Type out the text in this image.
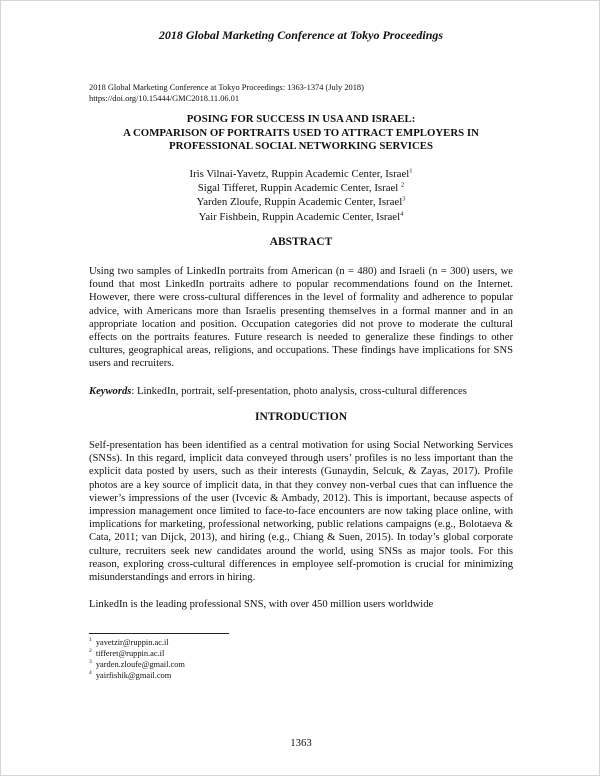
2018 Global Marketing Conference at Tokyo Proceedings
2018 Global Marketing Conference at Tokyo Proceedings: 1363-1374 (July 2018)
https://doi.org/10.15444/GMC2018.11.06.01
POSING FOR SUCCESS IN USA AND ISRAEL:
A COMPARISON OF PORTRAITS USED TO ATTRACT EMPLOYERS IN
PROFESSIONAL SOCIAL NETWORKING SERVICES
Iris Vilnai-Yavetz, Ruppin Academic Center, Israel$^1$
Sigal Tifferet, Ruppin Academic Center, Israel $^2$
Yarden Zloufe, Ruppin Academic Center, Israel$^3$
Yair Fishbein, Ruppin Academic Center, Israel$^4$
ABSTRACT
Using two samples of LinkedIn portraits from American (n = 480) and Israeli (n = 300) users, we found that most LinkedIn portraits adhere to popular recommendations found on the Internet. However, there were cross-cultural differences in the level of formality and adherence to popular advice, with Americans more than Israelis presenting themselves in a formal manner and in an appropriate location and position. Occupation categories did not prove to moderate the cultural effects on the portraits features. Future research is needed to generalize these findings to other cultures, geographical areas, religions, and occupations. These findings have implications for SNS users and recruiters.
Keywords: LinkedIn, portrait, self-presentation, photo analysis, cross-cultural differences
INTRODUCTION
Self-presentation has been identified as a central motivation for using Social Networking Services (SNSs). In this regard, implicit data conveyed through users’ profiles is no less important than the explicit data posted by users, such as their interests (Gunaydin, Selcuk, & Zayas, 2017). Profile photos are a key source of implicit data, in that they convey non-verbal cues that can influence the viewer’s impressions of the user (Ivcevic & Ambady, 2012). This is important, because aspects of impression management once limited to face-to-face encounters are now taking place online, with implications for marketing, professional networking, public relations campaigns (e.g., Bolotaeva & Cata, 2011; van Dijck, 2013), and hiring (e.g., Chiang & Suen, 2015). In today’s global corporate culture, recruiters seek new candidates around the world, using SNSs as major tools. For this reason, exploring cross-cultural differences in employee self-promotion is crucial for minimizing misunderstandings and errors in hiring.
LinkedIn is the leading professional SNS, with over 450 million users worldwide
$^1$ yavetzir@ruppin.ac.il
$^2$ tifferet@ruppin.ac.il
$^3$ yarden.zloufe@gmail.com
$^4$ yairfishik@gmail.com
1363
